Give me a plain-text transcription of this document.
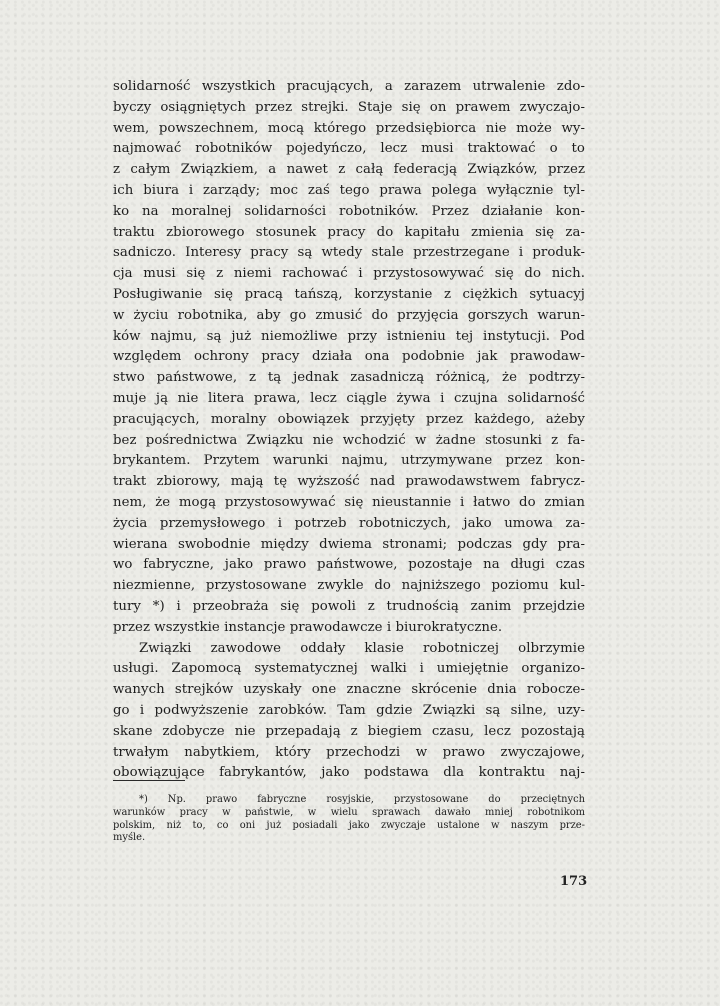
solidarność wszystkich pracujących, a zarazem utrwalenie zdo-
byczy osiągniętych przez strejki. Staje się on prawem zwyczajo-
wem, powszechnem, mocą którego przedsiębiorca nie może wy-
najmować robotników pojedyńczo, lecz musi traktować o to
z całym Związkiem, a nawet z całą federacją Związków, przez
ich biura i zarządy; moc zaś tego prawa polega wyłącznie tyl-
ko na moralnej solidarności robotników. Przez działanie kon-
traktu zbiorowego stosunek pracy do kapitału zmienia się za-
sadniczo. Interesy pracy są wtedy stale przestrzegane i produk-
cja musi się z niemi rachować i przystosowywać się do nich.
Posługiwanie się pracą tańszą, korzystanie z ciężkich sytuacyj
w życiu robotnika, aby go zmusić do przyjęcia gorszych warun-
ków najmu, są już niemożliwe przy istnieniu tej instytucji. Pod
względem ochrony pracy działa ona podobnie jak prawodaw-
stwo państwowe, z tą jednak zasadniczą różnicą, że podtrzy-
muje ją nie litera prawa, lecz ciągle żywa i czujna solidarność
pracujących, moralny obowiązek przyjęty przez każdego, ażeby
bez pośrednictwa Związku nie wchodzić w żadne stosunki z fa-
brykantem. Przytem warunki najmu, utrzymywane przez kon-
trakt zbiorowy, mają tę wyższość nad prawodawstwem fabrycz-
nem, że mogą przystosowywać się nieustannie i łatwo do zmian
życia przemysłowego i potrzeb robotniczych, jako umowa za-
wierana swobodnie między dwiema stronami; podczas gdy pra-
wo fabryczne, jako prawo państwowe, pozostaje na długi czas
niezmienne, przystosowane zwykle do najniższego poziomu kul-
tury *) i przeobraża się powoli z trudnością zanim przejdzie
przez wszystkie instancje prawodawcze i biurokratyczne.
Związki zawodowe oddały klasie robotniczej olbrzymie
usługi. Zapomocą systematycznej walki i umiejętnie organizo-
wanych strejków uzyskały one znaczne skrócenie dnia robocze-
go i podwyższenie zarobków. Tam gdzie Związki są silne, uzy-
skane zdobycze nie przepadają z biegiem czasu, lecz pozostają
trwałym nabytkiem, który przechodzi w prawo zwyczajowe,
obowiązujące fabrykantów, jako podstawa dla kontraktu naj-
*) Np. prawo fabryczne rosyjskie, przystosowane do przeciętnych
warunków pracy w państwie, w wielu sprawach dawało mniej robotnikom
polskim, niż to, co oni już posiadali jako zwyczaje ustalone w naszym prze-
myśle.
173
